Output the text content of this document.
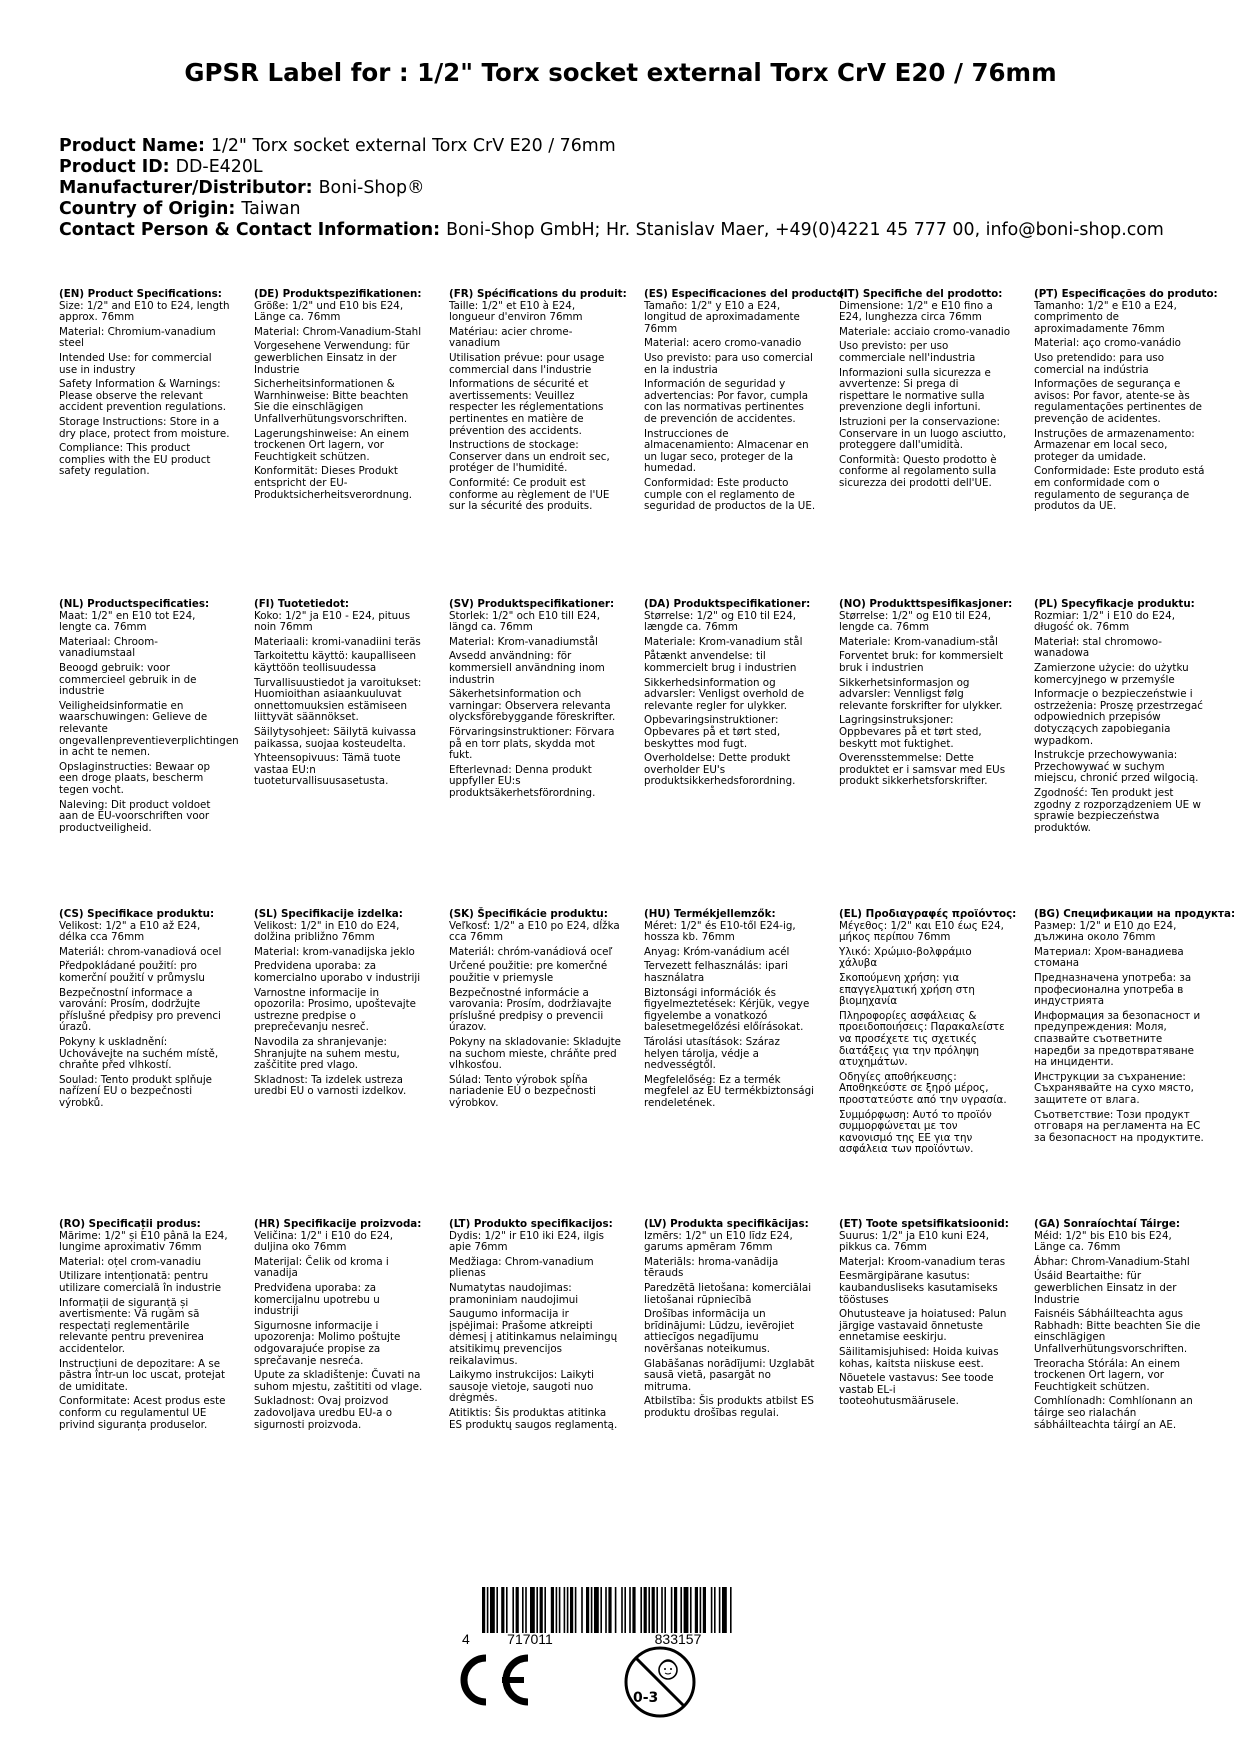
GPSR Label for : 1/2" Torx socket external Torx CrV E20 / 76mm
Product Name: 1/2" Torx socket external Torx CrV E20 / 76mm
Product ID: DD-E420L
Manufacturer/Distributor: Boni-Shop®
Country of Origin: Taiwan
Contact Person & Contact Information: Boni-Shop GmbH; Hr. Stanislav Maer, +49(0)4221 45 777 00, info@boni-shop.com
(EN) Product Specifications:
Size: 1/2" and E10 to E24, length approx. 76mm
Material: Chromium-vanadium steel
Intended Use: for commercial use in industry
Safety Information & Warnings: Please observe the relevant accident prevention regulations.
Storage Instructions: Store in a dry place, protect from moisture.
Compliance: This product complies with the EU product safety regulation.
(DE) Produktspezifikationen:
Größe: 1/2" und E10 bis E24, Länge ca. 76mm
Material: Chrom-Vanadium-Stahl
Vorgesehene Verwendung: für gewerblichen Einsatz in der Industrie
Sicherheitsinformationen & Warnhinweise: Bitte beachten Sie die einschlägigen Unfallverhütungsvorschriften.
Lagerungshinweise: An einem trockenen Ort lagern, vor Feuchtigkeit schützen.
Konformität: Dieses Produkt entspricht der EU-Produktsicherheitsverordnung.
(FR) Spécifications du produit:
Taille: 1/2" et E10 à E24, longueur d'environ 76mm
Matériau: acier chrome-vanadium
Utilisation prévue: pour usage commercial dans l'industrie
Informations de sécurité et avertissements: Veuillez respecter les réglementations pertinentes en matière de prévention des accidents.
Instructions de stockage: Conserver dans un endroit sec, protéger de l'humidité.
Conformité: Ce produit est conforme au règlement de l'UE sur la sécurité des produits.
(ES) Especificaciones del producto:
Tamaño: 1/2" y E10 a E24, longitud de aproximadamente 76mm
Material: acero cromo-vanadio
Uso previsto: para uso comercial en la industria
Información de seguridad y advertencias: Por favor, cumpla con las normativas pertinentes de prevención de accidentes.
Instrucciones de almacenamiento: Almacenar en un lugar seco, proteger de la humedad.
Conformidad: Este producto cumple con el reglamento de seguridad de productos de la UE.
(IT) Specifiche del prodotto:
Dimensione: 1/2" e E10 fino a E24, lunghezza circa 76mm
Materiale: acciaio cromo-vanadio
Uso previsto: per uso commerciale nell'industria
Informazioni sulla sicurezza e avvertenze: Si prega di rispettare le normative sulla prevenzione degli infortuni.
Istruzioni per la conservazione: Conservare in un luogo asciutto, proteggere dall'umidità.
Conformità: Questo prodotto è conforme al regolamento sulla sicurezza dei prodotti dell'UE.
(PT) Especificações do produto:
Tamanho: 1/2" e E10 a E24, comprimento de aproximadamente 76mm
Material: aço cromo-vanádio
Uso pretendido: para uso comercial na indústria
Informações de segurança e avisos: Por favor, atente-se às regulamentações pertinentes de prevenção de acidentes.
Instruções de armazenamento: Armazenar em local seco, proteger da umidade.
Conformidade: Este produto está em conformidade com o regulamento de segurança de produtos da UE.
(NL) Productspecificaties:
Maat: 1/2" en E10 tot E24, lengte ca. 76mm
Materiaal: Chroom-vanadiumstaal
Beoogd gebruik: voor commercieel gebruik in de industrie
Veiligheidsinformatie en waarschuwingen: Gelieve de relevante ongevallenpreventieverplichtingen in acht te nemen.
Opslaginstructies: Bewaar op een droge plaats, bescherm tegen vocht.
Naleving: Dit product voldoet aan de EU-voorschriften voor productveiligheid.
(FI) Tuotetiedot:
Koko: 1/2" ja E10 - E24, pituus noin 76mm
Materiaali: kromi-vanadiini teräs
Tarkoitettu käyttö: kaupalliseen käyttöön teollisuudessa
Turvallisuustiedot ja varoitukset: Huomioithan asiaankuuluvat onnettomuuksien estämiseen liittyvät säännökset.
Säilytysohjeet: Säilytä kuivassa paikassa, suojaa kosteudelta.
Yhteensopivuus: Tämä tuote vastaa EU:n tuoteturvallisuusasetusta.
(SV) Produktspecifikationer:
Storlek: 1/2" och E10 till E24, längd ca. 76mm
Material: Krom-vanadiumstål
Avsedd användning: för kommersiell användning inom industrin
Säkerhetsinformation och varningar: Observera relevanta olycksförebyggande föreskrifter.
Förvaringsinstruktioner: Förvara på en torr plats, skydda mot fukt.
Efterlevnad: Denna produkt uppfyller EU:s produktsäkerhetsförordning.
(DA) Produktspecifikationer:
Størrelse: 1/2" og E10 til E24, længde ca. 76mm
Materiale: Krom-vanadium stål
Påtænkt anvendelse: til kommercielt brug i industrien
Sikkerhedsinformation og advarsler: Venligst overhold de relevante regler for ulykker.
Opbevaringsinstruktioner: Opbevares på et tørt sted, beskyttes mod fugt.
Overholdelse: Dette produkt overholder EU's produktsikkerhedsforordning.
(NO) Produkttspesifikasjoner:
Størrelse: 1/2" og E10 til E24, lengde ca. 76mm
Materiale: Krom-vanadium-stål
Forventet bruk: for kommersielt bruk i industrien
Sikkerhetsinformasjon og advarsler: Vennligst følg relevante forskrifter for ulykker.
Lagringsinstruksjoner: Oppbevares på et tørt sted, beskytt mot fuktighet.
Overensstemmelse: Dette produktet er i samsvar med EUs produkt sikkerhetsforskrifter.
(PL) Specyfikacje produktu:
Rozmiar: 1/2" i E10 do E24, długość ok. 76mm
Materiał: stal chromowo-wanadowa
Zamierzone użycie: do użytku komercyjnego w przemyśle
Informacje o bezpieczeństwie i ostrzeżenia: Proszę przestrzegać odpowiednich przepisów dotyczących zapobiegania wypadkom.
Instrukcje przechowywania: Przechowywać w suchym miejscu, chronić przed wilgocią.
Zgodność: Ten produkt jest zgodny z rozporządzeniem UE w sprawie bezpieczeństwa produktów.
(CS) Specifikace produktu:
Velikost: 1/2" a E10 až E24, délka cca 76mm
Materiál: chrom-vanadiová ocel
Předpokládané použití: pro komerční použití v průmyslu
Bezpečnostní informace a varování: Prosím, dodržujte příslušné předpisy pro prevenci úrazů.
Pokyny k uskladnění: Uchovávejte na suchém místě, chraňte před vlhkostí.
Soulad: Tento produkt splňuje nařízení EU o bezpečnosti výrobků.
(SL) Specifikacije izdelka:
Velikost: 1/2" in E10 do E24, dolžina približno 76mm
Material: krom-vanadijska jeklo
Predvidena uporaba: za komercialno uporabo v industriji
Varnostne informacije in opozorila: Prosimo, upoštevajte ustrezne predpise o preprečevanju nesreč.
Navodila za shranjevanje: Shranjujte na suhem mestu, zaščitite pred vlago.
Skladnost: Ta izdelek ustreza uredbi EU o varnosti izdelkov.
(SK) Špecifikácie produktu:
Veľkosť: 1/2" a E10 po E24, dĺžka cca 76mm
Materiál: chróm-vanádiová oceľ
Určené použitie: pre komerčné použitie v priemysle
Bezpečnostné informácie a varovania: Prosím, dodržiavajte príslušné predpisy o prevencii úrazov.
Pokyny na skladovanie: Skladujte na suchom mieste, chráňte pred vlhkosťou.
Súlad: Tento výrobok spĺňa nariadenie EÚ o bezpečnosti výrobkov.
(HU) Termékjellemzők:
Méret: 1/2" és E10-től E24-ig, hossza kb. 76mm
Anyag: Króm-vanádium acél
Tervezett felhasználás: ipari használatra
Biztonsági információk és figyelmeztetések: Kérjük, vegye figyelembe a vonatkozó balesetmegelőzési előírásokat.
Tárolási utasítások: Száraz helyen tárolja, védje a nedvességtől.
Megfelelőség: Ez a termék megfelel az EU termékbiztonsági rendeletének.
(EL) Προδιαγραφές προϊόντος:
Μέγεθος: 1/2" και E10 έως E24, μήκος περίπου 76mm
Υλικό: Χρώμιο-βολφράμιο χάλυβα
Σκοπούμενη χρήση: για επαγγελματική χρήση στη βιομηχανία
Πληροφορίες ασφάλειας & προειδοποιήσεις: Παρακαλείστε να προσέχετε τις σχετικές διατάξεις για την πρόληψη ατυχημάτων.
Οδηγίες αποθήκευσης: Αποθηκεύστε σε ξηρό μέρος, προστατεύστε από την υγρασία.
Συμμόρφωση: Αυτό το προϊόν συμμορφώνεται με τον κανονισμό της ΕΕ για την ασφάλεια των προϊόντων.
(BG) Спецификации на продукта:
Размер: 1/2" и E10 до E24, дължина около 76mm
Материал: Хром-ванадиева стомана
Предназначена употреба: за професионална употреба в индустрията
Информация за безопасност и предупреждения: Моля, спазвайте съответните наредби за предотвратяване на инциденти.
Инструкции за съхранение: Съхранявайте на сухо място, защитете от влага.
Съответствие: Този продукт отговаря на регламента на ЕС за безопасност на продуктите.
(RO) Specificații produs:
Mărime: 1/2" și E10 până la E24, lungime aproximativ 76mm
Material: oțel crom-vanadiu
Utilizare intenționată: pentru utilizare comercială în industrie
Informații de siguranță și avertismente: Vă rugăm să respectați reglementările relevante pentru prevenirea accidentelor.
Instrucțiuni de depozitare: A se păstra într-un loc uscat, protejat de umiditate.
Conformitate: Acest produs este conform cu regulamentul UE privind siguranța produselor.
(HR) Specifikacije proizvoda:
Veličina: 1/2" i E10 do E24, duljina oko 76mm
Materijal: Čelik od kroma i vanadija
Predviđena uporaba: za komercijalnu upotrebu u industriji
Sigurnosne informacije i upozorenja: Molimo poštujte odgovarajuće propise za sprečavanje nesreća.
Upute za skladištenje: Čuvati na suhom mjestu, zaštititi od vlage.
Sukladnost: Ovaj proizvod zadovoljava uredbu EU-a o sigurnosti proizvoda.
(LT) Produkto specifikacijos:
Dydis: 1/2" ir E10 iki E24, ilgis apie 76mm
Medžiaga: Chrom-vanadium plienas
Numatytas naudojimas: pramoniniam naudojimui
Saugumo informacija ir įspėjimai: Prašome atkreipti dėmesį į atitinkamus nelaimingų atsitikimų prevencijos reikalavimus.
Laikymo instrukcijos: Laikyti sausoje vietoje, saugoti nuo drėgmės.
Atitiktis: Šis produktas atitinka ES produktų saugos reglamentą.
(LV) Produkta specifikācijas:
Izmērs: 1/2" un E10 līdz E24, garums apmēram 76mm
Materiāls: hroma-vanādija tērauds
Paredzētā lietošana: komerciālai lietošanai rūpniecībā
Drošības informācija un brīdinājumi: Lūdzu, ievērojiet attiecīgos negadījumu novēršanas noteikumus.
Glabāšanas norādījumi: Uzglabāt sausā vietā, pasargāt no mitruma.
Atbilstība: Šis produkts atbilst ES produktu drošības regulai.
(ET) Toote spetsifikatsioonid:
Suurus: 1/2" ja E10 kuni E24, pikkus ca. 76mm
Materjal: Kroom-vanadium teras
Eesmärgipärane kasutus: kaubandusliseks kasutamiseks tööstuses
Ohutusteave ja hoiatused: Palun järgige vastavaid õnnetuste ennetamise eeskirju.
Säilitamisjuhised: Hoida kuivas kohas, kaitsta niiskuse eest.
Nõuetele vastavus: See toode vastab EL-i tooteohutusmäärusele.
(GA) Sonraíochtaí Táirge:
Méid: 1/2" bis E10 bis E24, Länge ca. 76mm
Ábhar: Chrom-Vanadium-Stahl
Úsáid Beartaithe: für gewerblichen Einsatz in der Industrie
Faisnéis Sábháilteachta agus Rabhadh: Bitte beachten Sie die einschlägigen Unfallverhütungsvorschriften.
Treoracha Stórála: An einem trockenen Ort lagern, vor Feuchtigkeit schützen.
Comhlíonadh: Comhlíonann an táirge seo rialachán sábháilteachta táirgí an AE.
4	717011	833157
0-3
